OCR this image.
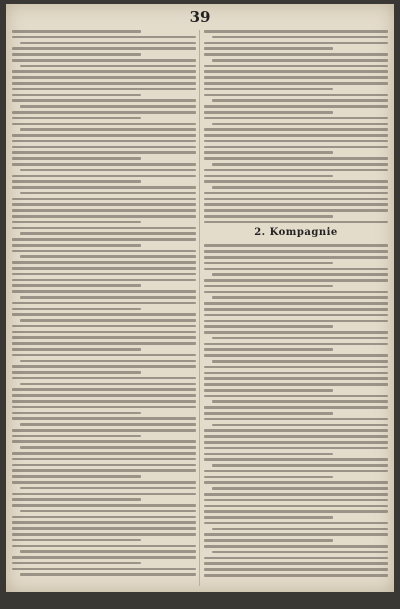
39
2. Kompagnie
